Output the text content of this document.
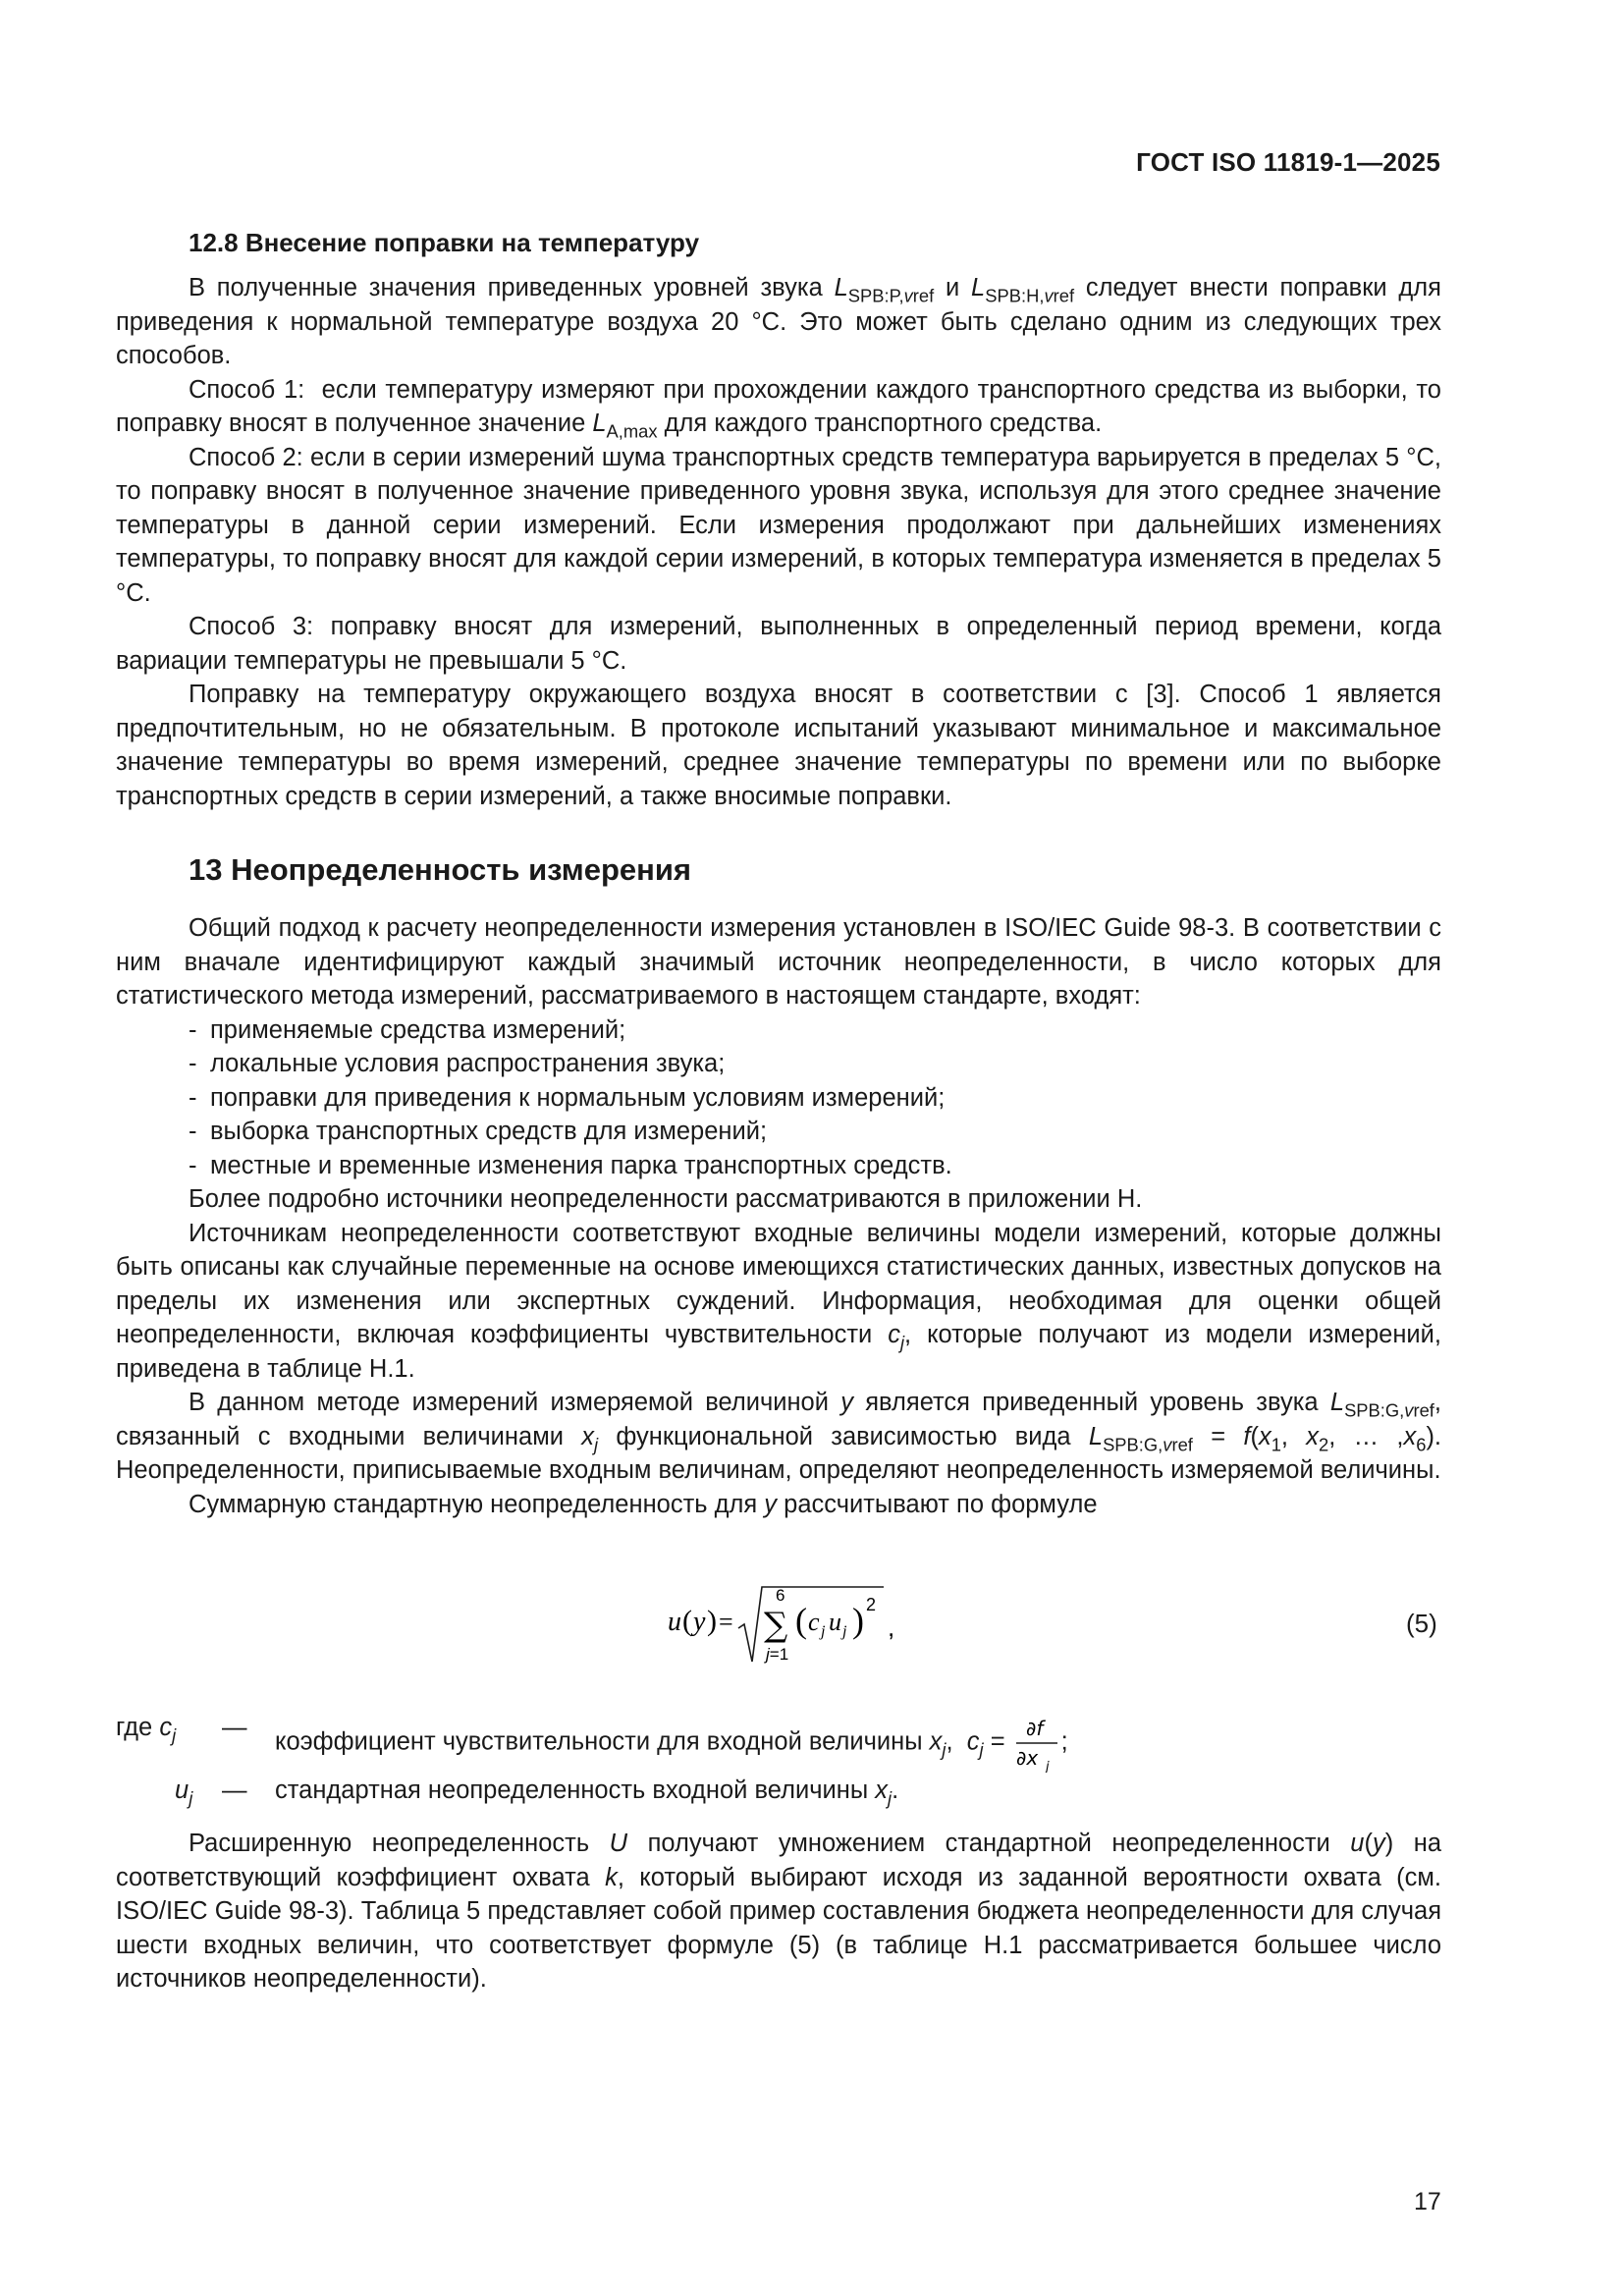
ГОСТ ISO 11819-1—2025
12.8 Внесение поправки на температуру

В полученные значения приведенных уровней звука $L_{SPB:P,vref}$ и $L_{SPB:H,vref}$ следует внести поправки для приведения к нормальной температуре воздуха 20 °C. Это может быть сделано одним из следующих трех способов.

Способ 1:  если температуру измеряют при прохождении каждого транспортного средства из выборки, то поправку вносят в полученное значение $L_{A,max}$ для каждого транспортного средства.

Способ 2: если в серии измерений шума транспортных средств температура варьируется в пределах 5 °C, то поправку вносят в полученное значение приведенного уровня звука, используя для этого среднее значение температуры в данной серии измерений. Если измерения продолжают при дальнейших изменениях температуры, то поправку вносят для каждой серии измерений, в которых температура изменяется в пределах 5 °C.

Способ 3: поправку вносят для измерений, выполненных в определенный период времени, когда вариации температуры не превышали 5 °C.

Поправку на температуру окружающего воздуха вносят в соответствии с [3]. Способ 1 является предпочтительным, но не обязательным. В протоколе испытаний указывают минимальное и максимальное значение температуры во время измерений, среднее значение температуры по времени или по выборке транспортных средств в серии измерений, а также вносимые поправки.

13 Неопределенность измерения

Общий подход к расчету неопределенности измерения установлен в ISO/IEC Guide 98-3. В соответствии с ним вначале идентифицируют каждый значимый источник неопределенности, в число которых для статистического метода измерений, рассматриваемого в настоящем стандарте, входят:

- применяемые средства измерений;

- локальные условия распространения звука;

- поправки для приведения к нормальным условиям измерений;

- выборка транспортных средств для измерений;

- местные и временные изменения парка транспортных средств.

Более подробно источники неопределенности рассматриваются в приложении Н.

Источникам неопределенности соответствуют входные величины модели измерений, которые должны быть описаны как случайные переменные на основе имеющихся статистических данных, известных допусков на пределы их изменения или экспертных суждений. Информация, необходимая для оценки общей неопределенности, включая коэффициенты чувствительности $c_j$, которые получают из модели измерений, приведена в таблице Н.1.

В данном методе измерений измеряемой величиной y является приведенный уровень звука $L_{SPB:G,vref}$, связанный с входными величинами $x_j$ функциональной зависимостью вида $L_{SPB:G,vref} = f(x_1$, $x_2$, … $,x_6$). Неопределенности, приписываемые входным величинам, определяют неопределенность измеряемой величины.

Суммарную стандартную неопределенность для y рассчитывают по формуле

u ( y ) =
6
∑
j=1
( c j u j ) 2
,	(5)
где $c_j$ —
коэффициент чувствительности для входной величины $x_j$,  $c_j = \partial f$
∂x j
;
$u_j$ — стандартная неопределенность входной величины $x_j$.

Расширенную неопределенность U получают умножением стандартной неопределенности u(y) на соответствующий коэффициент охвата k, который выбирают исходя из заданной вероятности охвата (см. ISO/IEC Guide 98-3). Таблица 5 представляет собой пример составления бюджета неопределенности для случая шести входных величин, что соответствует формуле (5) (в таблице Н.1 рассматривается большее число источников неопределенности).

17
